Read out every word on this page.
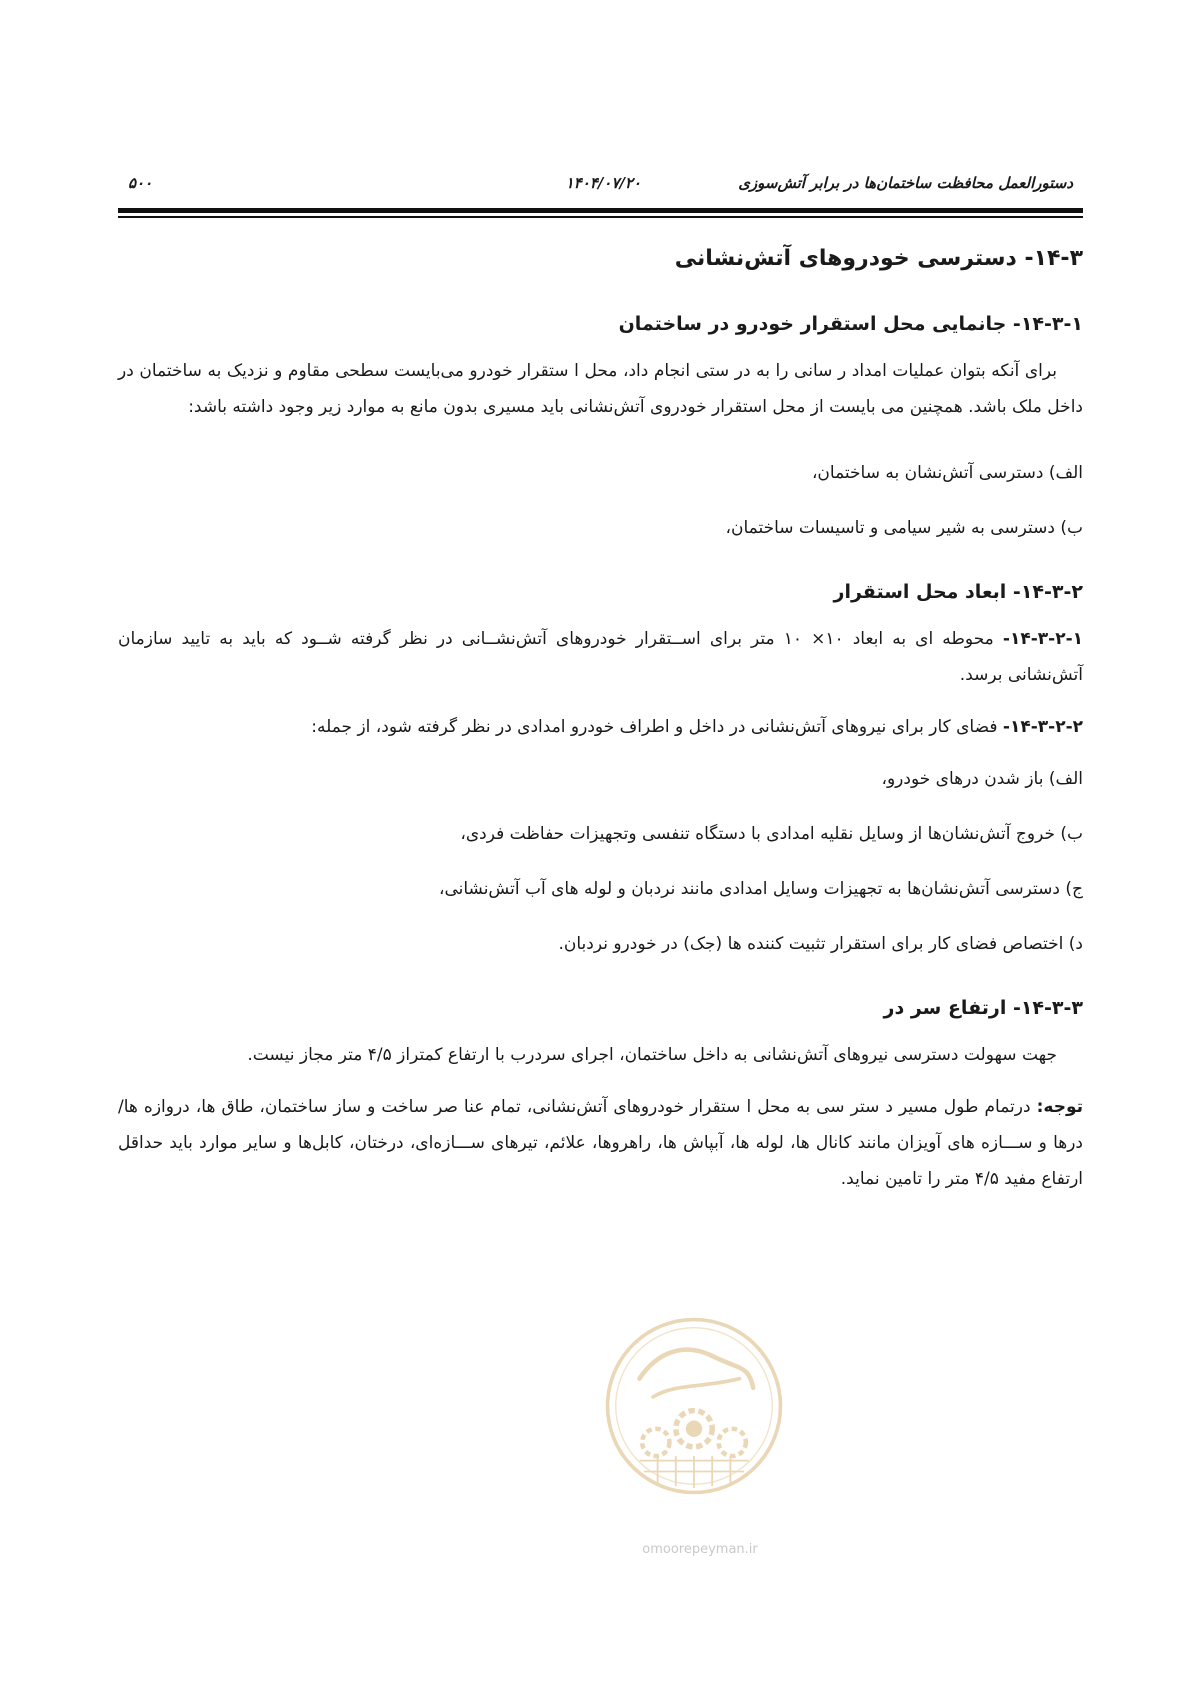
دستورالعمل محافظت ساختمان‌ها در برابر آتش‌سوزی
۱۴۰۴/۰۷/۲۰
۵۰۰
۱۴-۳- دسترسی خودروهای آتش‌نشانی
۱۴-۳-۱- جانمایی محل استقرار خودرو در ساختمان

برای آنکه بتوان عملیات امداد ر سانی را به در ستی انجام داد، محل ا ستقرار خودرو می‌بایست سطحی مقاوم و نزدیک به ساختمان در داخل ملک باشد. همچنین می بایست از محل استقرار خودروی آتش‌نشانی باید مسیری بدون مانع به موارد زیر وجود داشته باشد:

الف) دسترسی آتش‌نشان به ساختمان،
ب) دسترسی به شیر سیامی و تاسیسات ساختمان،
۱۴-۳-۲- ابعاد محل استقرار

۱۴-۳-۲-۱- محوطه ای به ابعاد ۱۰× ۱۰ متر برای اســتقرار خودروهای آتش‌نشــانی در نظر گرفته شــود که باید به تایید سازمان آتش‌نشانی برسد.

۱۴-۳-۲-۲- فضای کار برای نیروهای آتش‌نشانی در داخل و اطراف خودرو امدادی در نظر گرفته شود، از جمله:

الف) باز شدن درهای خودرو،
ب) خروج آتش‌نشان‌ها از وسایل نقلیه امدادی با دستگاه تنفسی وتجهیزات حفاظت فردی،
ج) دسترسی آتش‌نشان‌ها به تجهیزات وسایل امدادی مانند نردبان و لوله های آب آتش‌نشانی،
د) اختصاص فضای کار برای استقرار تثبیت کننده ها (جک) در خودرو نردبان.
۱۴-۳-۳- ارتفاع سر در

جهت سهولت دسترسی نیروهای آتش‌نشانی به داخل ساختمان، اجرای سردرب با ارتفاع کمتراز ۴/۵ متر مجاز نیست.

توجه: درتمام طول مسیر د ستر سی به محل ا ستقرار خودروهای آتش‌نشانی، تمام عنا صر ساخت و ساز ساختمان، طاق ها، دروازه ها/ درها و ســـازه های آویزان مانند کانال ها، لوله ها، آبپاش ها، راهروها، علائم، تیرهای ســـازه‌ای، درختان، کابل‌ها و سایر موارد باید حداقل ارتفاع مفید ۴/۵ متر را تامین نماید.

omoorepeyman.ir
